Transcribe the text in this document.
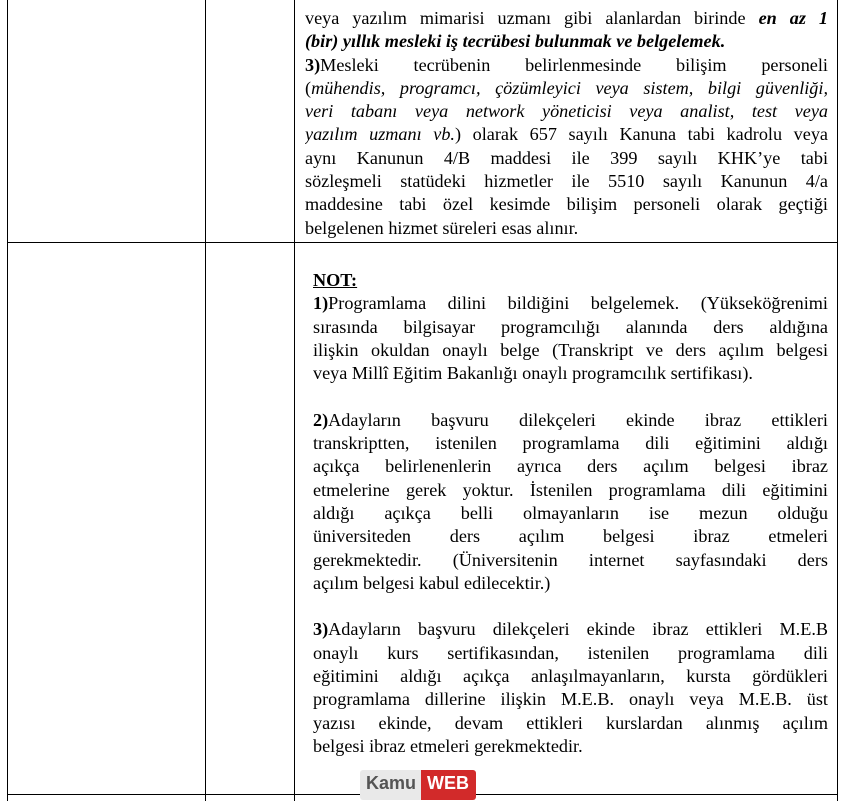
veya yazılım mimarisi uzmanı gibi alanlardan birinde en az 1
(bir) yıllık mesleki iş tecrübesi bulunmak ve belgelemek.
3)Mesleki tecrübenin belirlenmesinde bilişim personeli
(mühendis, programcı, çözümleyici veya sistem, bilgi güvenliği,
veri tabanı veya network yöneticisi veya analist, test veya
yazılım uzmanı vb.) olarak 657 sayılı Kanuna tabi kadrolu veya
aynı Kanunun 4/B maddesi ile 399 sayılı KHK’ye tabi
sözleşmeli statüdeki hizmetler ile 5510 sayılı Kanunun 4/a
maddesine tabi özel kesimde bilişim personeli olarak geçtiği
belgelenen hizmet süreleri esas alınır.
NOT:
1)Programlama dilini bildiğini belgelemek. (Yükseköğrenimi
sırasında bilgisayar programcılığı alanında ders aldığına
ilişkin okuldan onaylı belge (Transkript ve ders açılım belgesi
veya Millî Eğitim Bakanlığı onaylı programcılık sertifikası).
2)Adayların başvuru dilekçeleri ekinde ibraz ettikleri
transkriptten, istenilen programlama dili eğitimini aldığı
açıkça belirlenenlerin ayrıca ders açılım belgesi ibraz
etmelerine gerek yoktur. İstenilen programlama dili eğitimini
aldığı açıkça belli olmayanların ise mezun olduğu
üniversiteden ders açılım belgesi ibraz etmeleri
gerekmektedir. (Üniversitenin internet sayfasındaki ders
açılım belgesi kabul edilecektir.)
3)Adayların başvuru dilekçeleri ekinde ibraz ettikleri M.E.B
onaylı kurs sertifikasından, istenilen programlama dili
eğitimini aldığı açıkça anlaşılmayanların, kursta gördükleri
programlama dillerine ilişkin M.E.B. onaylı veya M.E.B. üst
yazısı ekinde, devam ettikleri kurslardan alınmış açılım
belgesi ibraz etmeleri gerekmektedir.
Kamu WEB
